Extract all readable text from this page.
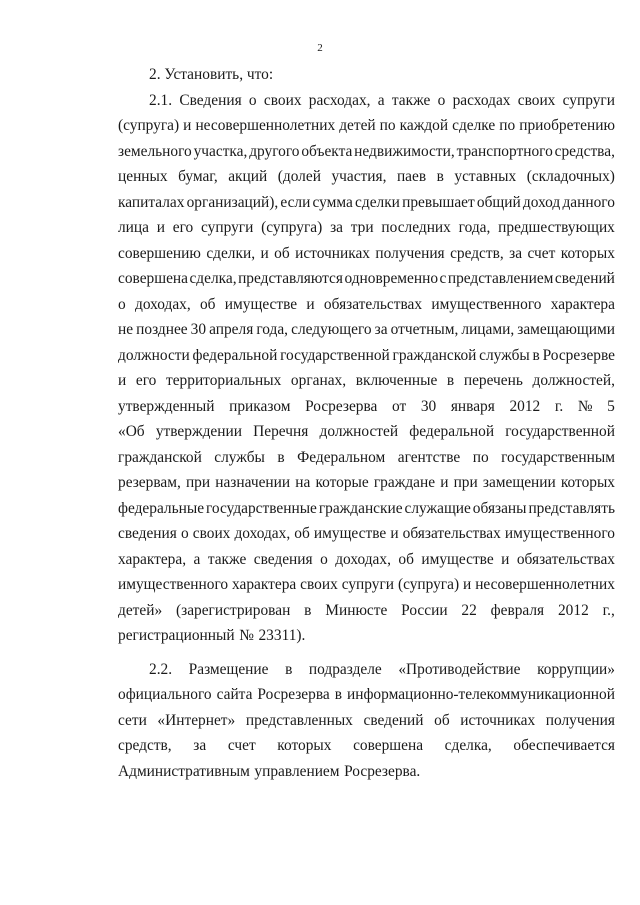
2
2. Установить, что:
2.1. Сведения о своих расходах, а также о расходах своих супруги
(супруга) и несовершеннолетних детей по каждой сделке по приобретению
земельного участка, другого объекта недвижимости, транспортного средства,
ценных бумаг, акций (долей участия, паев в уставных (складочных)
капиталах организаций), если сумма сделки превышает общий доход данного
лица и его супруги (супруга) за три последних года, предшествующих
совершению сделки, и об источниках получения средств, за счет которых
совершена сделка, представляются одновременно с представлением сведений
о доходах, об имуществе и обязательствах имущественного характера
не позднее 30 апреля года, следующего за отчетным, лицами, замещающими
должности федеральной государственной гражданской службы в Росрезерве
и его территориальных органах, включенные в перечень должностей,
утвержденный приказом Росрезерва от 30 января 2012 г. № 5
«Об утверждении Перечня должностей федеральной государственной
гражданской службы в Федеральном агентстве по государственным
резервам, при назначении на которые граждане и при замещении которых
федеральные государственные гражданские служащие обязаны представлять
сведения о своих доходах, об имуществе и обязательствах имущественного
характера, а также сведения о доходах, об имуществе и обязательствах
имущественного характера своих супруги (супруга) и несовершеннолетних
детей» (зарегистрирован в Минюсте России 22 февраля 2012 г.,
регистрационный № 23311).
2.2. Размещение в подразделе «Противодействие коррупции»
официального сайта Росрезерва в информационно-телекоммуникационной
сети «Интернет» представленных сведений об источниках получения
средств, за счет которых совершена сделка, обеспечивается
Административным управлением Росрезерва.
